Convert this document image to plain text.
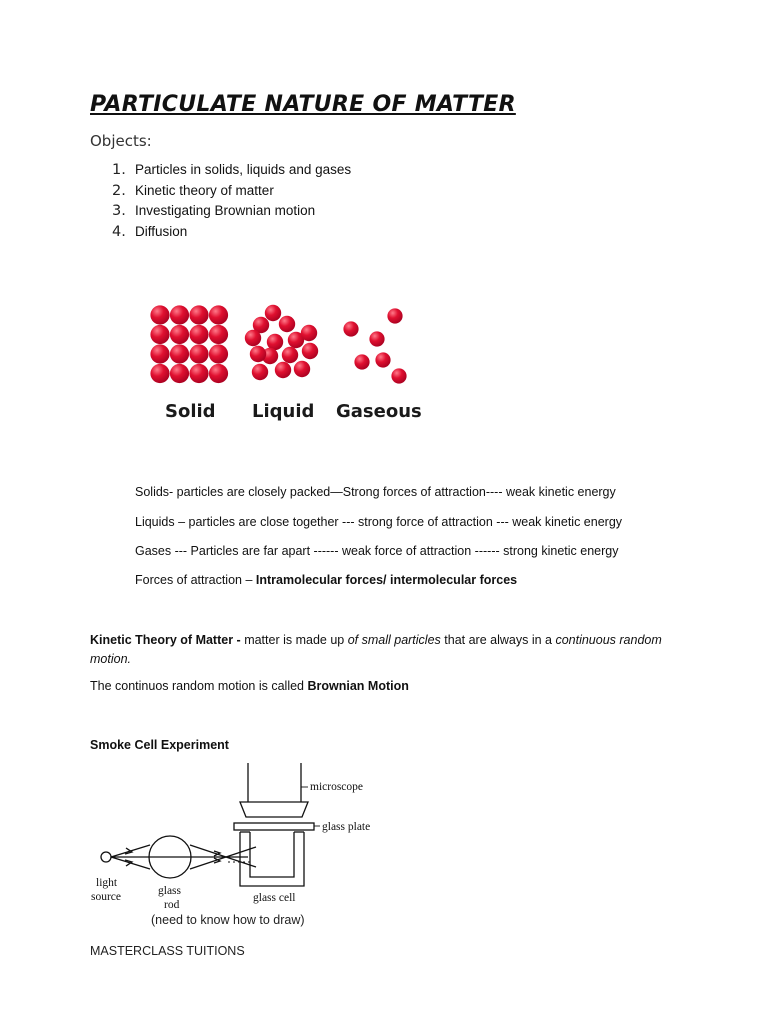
PARTICULATE NATURE OF MATTER
Objects:
1. Particles in solids, liquids and gases
2. Kinetic theory of matter
3. Investigating Brownian motion
4. Diffusion
Solid Liquid Gaseous
Solids- particles are closely packed—Strong forces of attraction---- weak kinetic energy
Liquids – particles are close together --- strong force of attraction --- weak kinetic energy
Gases --- Particles are far apart ------ weak force of attraction ------ strong kinetic energy
Forces of attraction – Intramolecular forces/ intermolecular forces
Kinetic Theory of Matter - matter is made up of small particles that are always in a continuous random
motion.
The continuos random motion is called Brownian Motion
Smoke Cell Experiment
microscope
glass plate
light
source	glass
rod
glass cell
(need to know how to draw)
MASTERCLASS TUITIONS
